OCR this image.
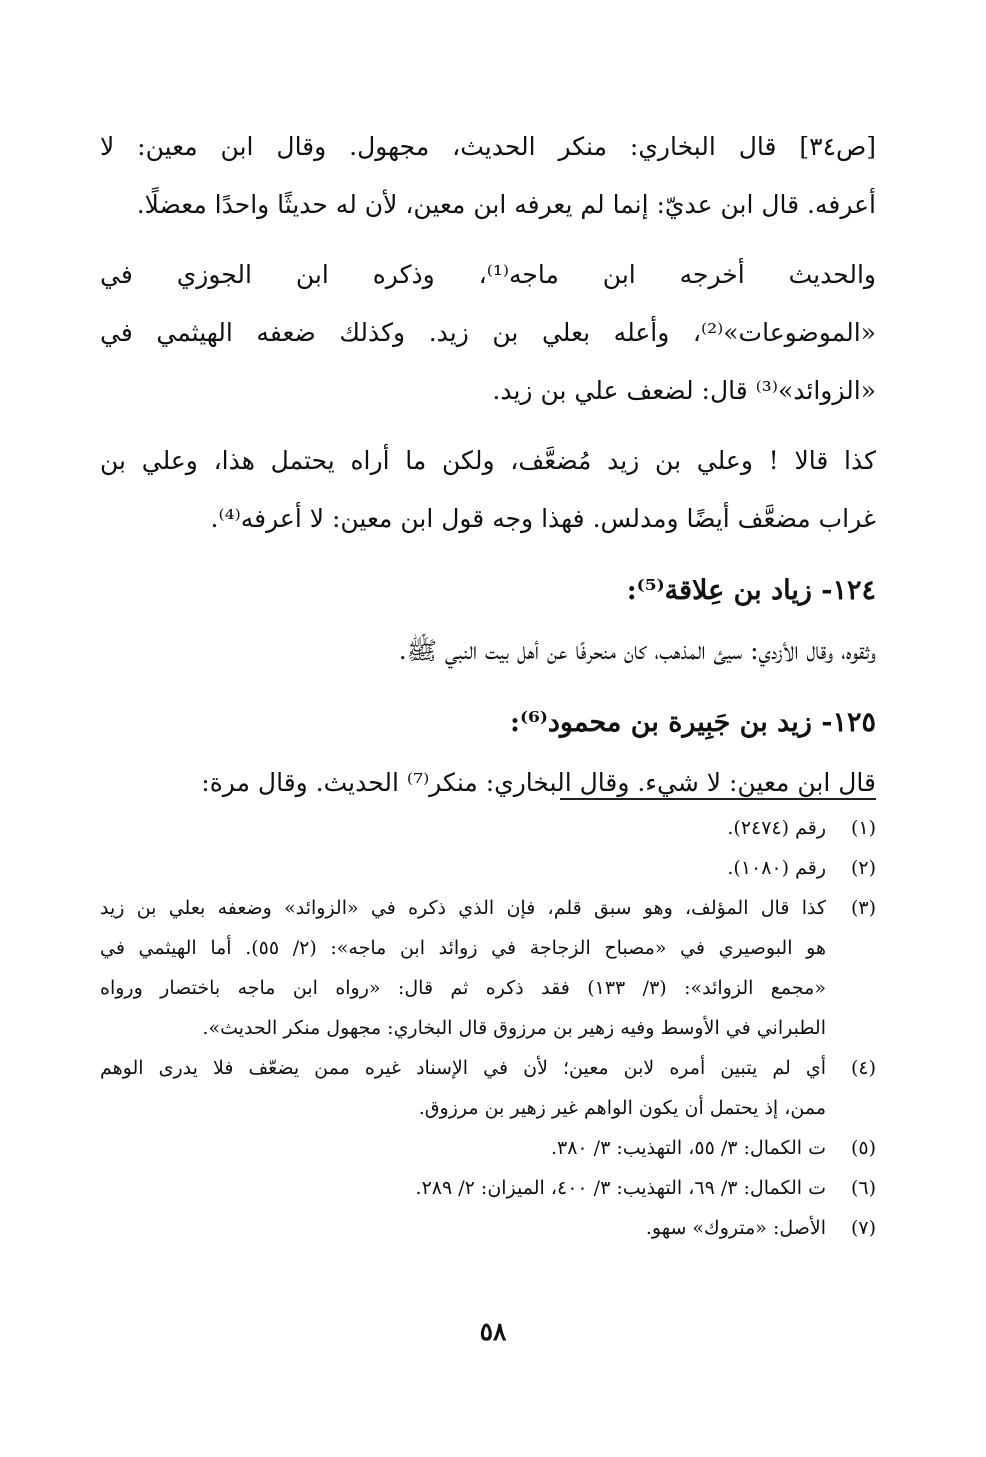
[ص٣٤] قال البخاري: منكر الحديث، مجهول. وقال ابن معين: لا
أعرفه. قال ابن عديّ: إنما لم يعرفه ابن معين، لأن له حديثًا واحدًا معضلًا.
والحديث أخرجه ابن ماجه⁽¹⁾، وذكره ابن الجوزي في
«الموضوعات»⁽²⁾، وأعله بعلي بن زيد. وكذلك ضعفه الهيثمي في
«الزوائد»⁽³⁾ قال: لضعف علي بن زيد.
كذا قالا ! وعلي بن زيد مُضعَّف، ولكن ما أراه يحتمل هذا، وعلي بن
غراب مضعَّف أيضًا ومدلس. فهذا وجه قول ابن معين: لا أعرفه⁽⁴⁾.
١٢٤- زياد بن عِلاقة⁽⁵⁾:
وثقوه، وقال الأزدي: سيئ المذهب، كان منحرفًا عن أهل بيت النبي ﷺ.
١٢٥- زيد بن جَبِيرة بن محمود⁽⁶⁾:
قال ابن معين: لا شيء. وقال البخاري: منكر⁽⁷⁾ الحديث. وقال مرة:
(١)
رقم (٢٤٧٤).
(٢)
رقم (١٠٨٠).
(٣)
كذا قال المؤلف، وهو سبق قلم، فإن الذي ذكره في «الزوائد» وضعفه بعلي بن زيد
هو البوصيري في «مصباح الزجاجة في زوائد ابن ماجه»: (٢/ ٥٥). أما الهيثمي في
«مجمع الزوائد»: (٣/ ١٣٣) فقد ذكره ثم قال: «رواه ابن ماجه باختصار ورواه
الطبراني في الأوسط وفيه زهير بن مرزوق قال البخاري: مجهول منكر الحديث».
(٤)
أي لم يتبين أمره لابن معين؛ لأن في الإسناد غيره ممن يضعّف فلا يدرى الوهم
ممن، إذ يحتمل أن يكون الواهم غير زهير بن مرزوق.
(٥)
ت الكمال: ٣/ ٥٥، التهذيب: ٣/ ٣٨٠.
(٦)
ت الكمال: ٣/ ٦٩، التهذيب: ٣/ ٤٠٠، الميزان: ٢/ ٢٨٩.
(٧)
الأصل: «متروك» سهو.
٥٨
